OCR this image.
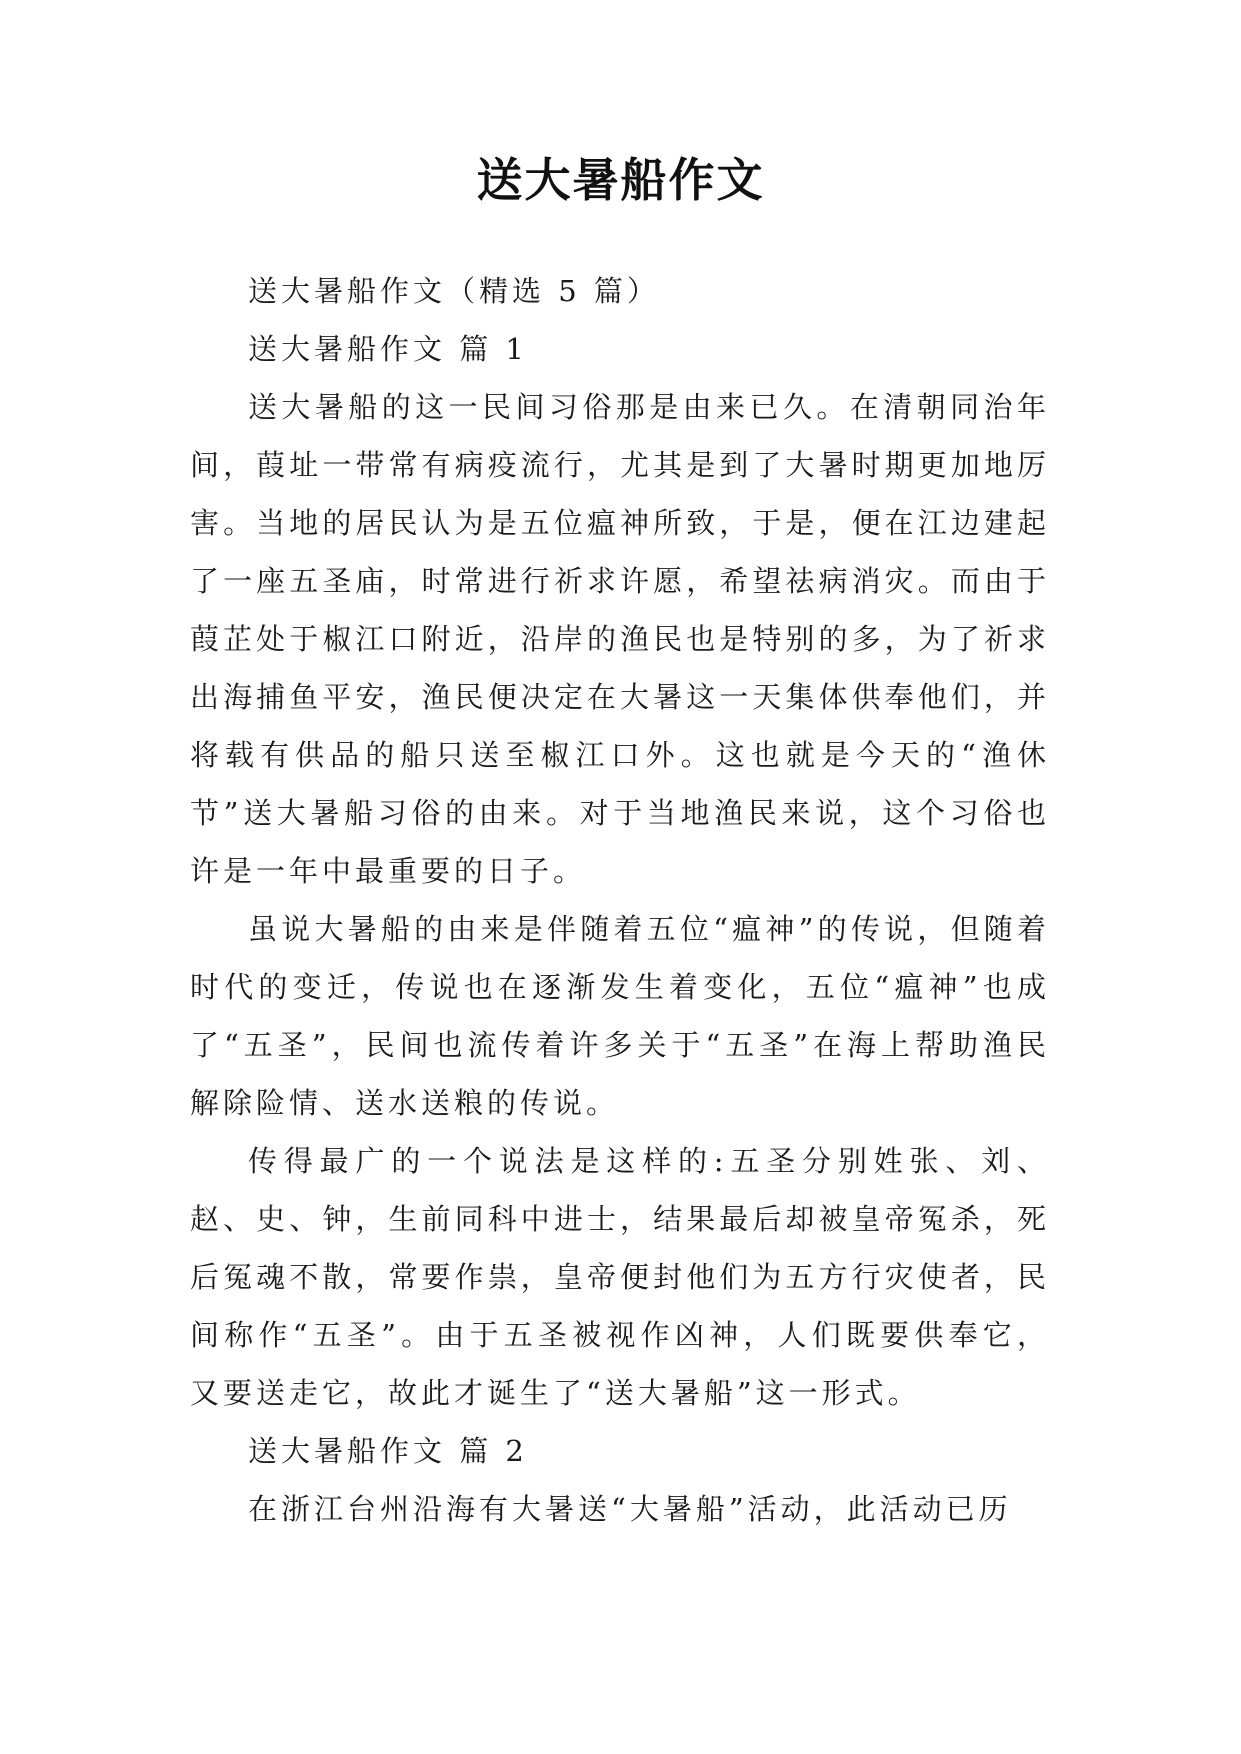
送大暑船作文

送大暑船作文（精选 5 篇）

送大暑船作文 篇 1

送大暑船的这一民间习俗那是由来已久。在清朝同治年间，葭址一带常有病疫流行，尤其是到了大暑时期更加地厉害。当地的居民认为是五位瘟神所致，于是，便在江边建起了一座五圣庙，时常进行祈求许愿，希望祛病消灾。而由于葭芷处于椒江口附近，沿岸的渔民也是特别的多，为了祈求出海捕鱼平安，渔民便决定在大暑这一天集体供奉他们，并将载有供品的船只送至椒江口外。这也就是今天的“渔休节”送大暑船习俗的由来。对于当地渔民来说，这个习俗也许是一年中最重要的日子。

虽说大暑船的由来是伴随着五位“瘟神”的传说，但随着时代的变迁，传说也在逐渐发生着变化，五位“瘟神”也成了“五圣”，民间也流传着许多关于“五圣”在海上帮助渔民解除险情、送水送粮的传说。

传得最广的一个说法是这样的:五圣分别姓张、刘、赵、史、钟，生前同科中进士，结果最后却被皇帝冤杀，死后冤魂不散，常要作祟，皇帝便封他们为五方行灾使者，民间称作“五圣”。由于五圣被视作凶神，人们既要供奉它，又要送走它，故此才诞生了“送大暑船”这一形式。

送大暑船作文 篇 2

在浙江台州沿海有大暑送“大暑船”活动，此活动已历
